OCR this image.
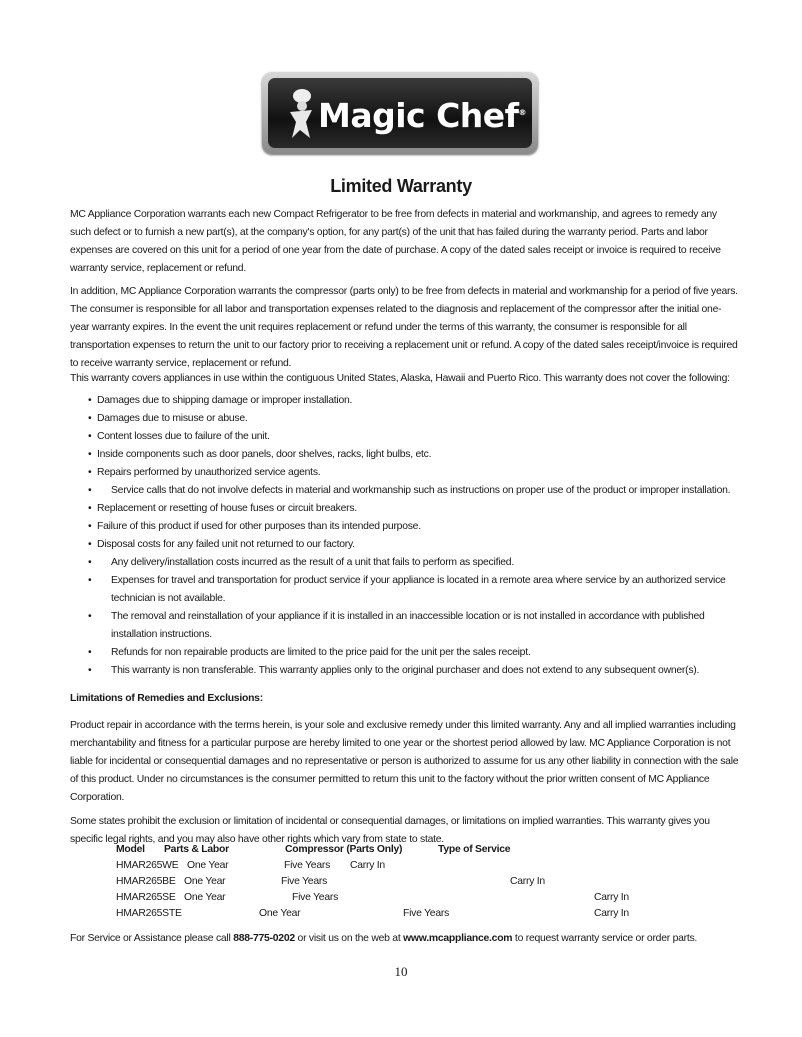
Magic Chef®
Limited Warranty

MC Appliance Corporation warrants each new Compact Refrigerator to be free from defects in material and workmanship, and agrees to remedy any such defect or to furnish a new part(s), at the company's option, for any part(s) of the unit that has failed during the warranty period. Parts and labor expenses are covered on this unit for a period of one year from the date of purchase. A copy of the dated sales receipt or invoice is required to receive warranty service, replacement or refund.

In addition, MC Appliance Corporation warrants the compressor (parts only) to be free from defects in material and workmanship for a period of five years. The consumer is responsible for all labor and transportation expenses related to the diagnosis and replacement of the compressor after the initial one-year warranty expires. In the event the unit requires replacement or refund under the terms of this warranty, the consumer is responsible for all transportation expenses to return the unit to our factory prior to receiving a replacement unit or refund. A copy of the dated sales receipt/invoice is required to receive warranty service, replacement or refund.

This warranty covers appliances in use within the contiguous United States, Alaska, Hawaii and Puerto Rico. This warranty does not cover the following:

• Damages due to shipping damage or improper installation.
• Damages due to misuse or abuse.
• Content losses due to failure of the unit.
• Inside components such as door panels, door shelves, racks, light bulbs, etc.
• Repairs performed by unauthorized service agents.
• Service calls that do not involve defects in material and workmanship such as instructions on proper use of the product or improper installation.
• Replacement or resetting of house fuses or circuit breakers.
• Failure of this product if used for other purposes than its intended purpose.
• Disposal costs for any failed unit not returned to our factory.
• Any delivery/installation costs incurred as the result of a unit that fails to perform as specified.
• Expenses for travel and transportation for product service if your appliance is located in a remote area where service by an authorized service technician is not available.
• The removal and reinstallation of your appliance if it is installed in an inaccessible location or is not installed in accordance with published installation instructions.
• Refunds for non repairable products are limited to the price paid for the unit per the sales receipt.
• This warranty is non transferable. This warranty applies only to the original purchaser and does not extend to any subsequent owner(s).

Limitations of Remedies and Exclusions:

Product repair in accordance with the terms herein, is your sole and exclusive remedy under this limited warranty. Any and all implied warranties including merchantability and fitness for a particular purpose are hereby limited to one year or the shortest period allowed by law. MC Appliance Corporation is not liable for incidental or consequential damages and no representative or person is authorized to assume for us any other liability in connection with the sale of this product. Under no circumstances is the consumer permitted to return this unit to the factory without the prior written consent of MC Appliance Corporation.

Some states prohibit the exclusion or limitation of incidental or consequential damages, or limitations on implied warranties. This warranty gives you specific legal rights, and you may also have other rights which vary from state to state.

Model Parts & Labor	Compressor (Parts Only)	Type of Service
HMAR265WE One Year	Five Years Carry In
HMAR265BE One Year	Five Years	Carry In
HMAR265SE One Year	Five Years	Carry In
HMAR265STE	One Year	Five Years	Carry In

For Service or Assistance please call 888-775-0202 or visit us on the web at www.mcappliance.com to request warranty service or order parts.

10
